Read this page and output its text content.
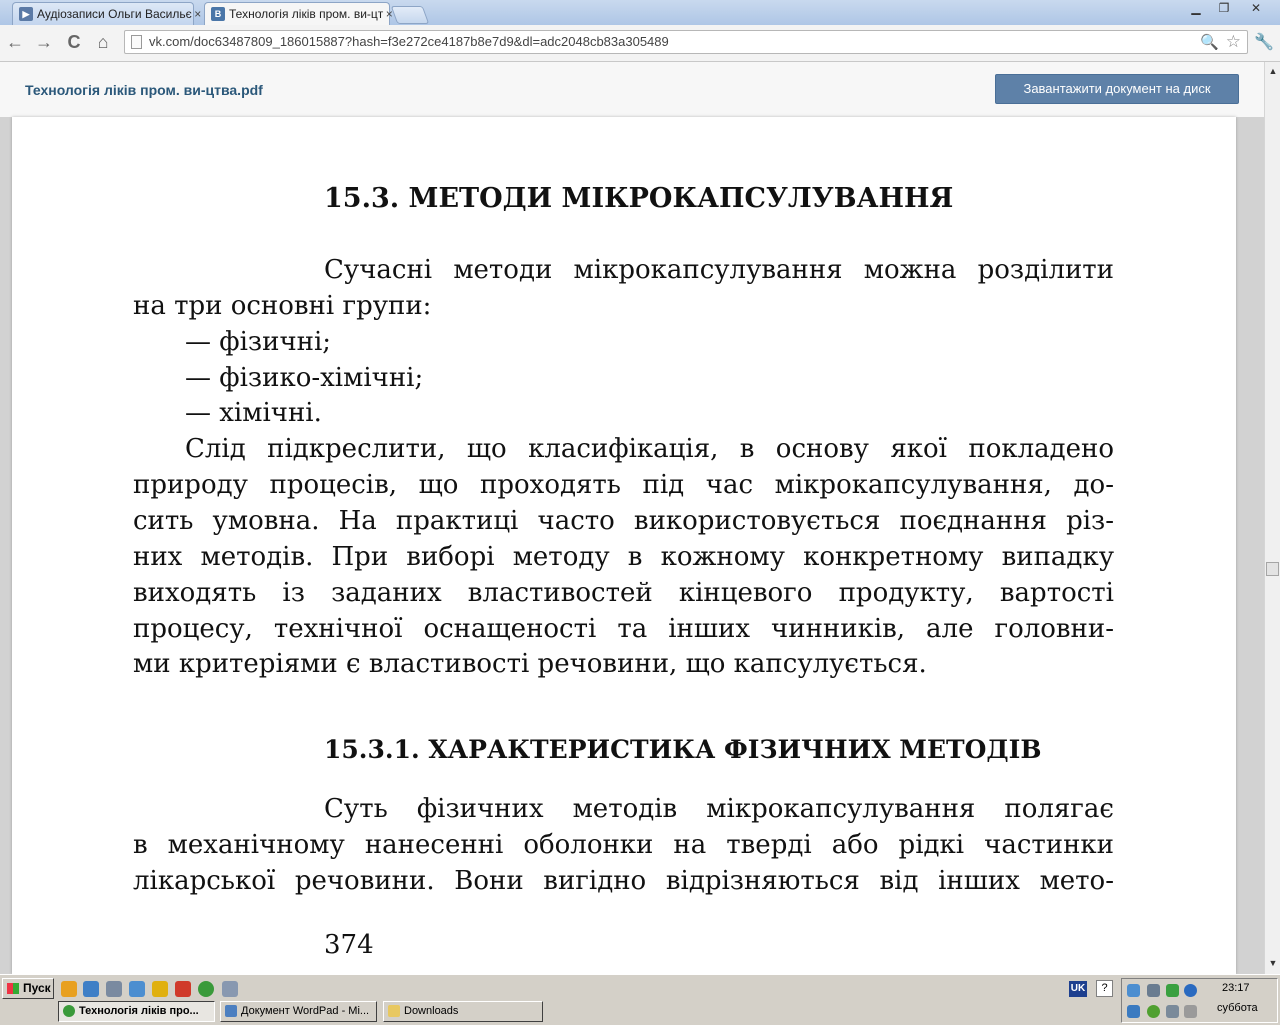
▶ Аудіозаписи Ольги Васильє ×	B Технологія ліків пром. ви-цт ×	▁	❐	✕
← → C ⌂	vk.com/doc63487809_186015887?hash=f3e272ce4187b8e7d9&dl=adc2048cb83a305489	🔍 ☆ 🔧
Технологія ліків пром. ви-цтва.pdf	Завантажити документ на диск
15.3. МЕТОДИ МІКРОКАПСУЛУВАННЯ
Сучасні методи мікрокапсулування можна розділити
на три основні групи:
— фізичні;
— фізико-хімічні;
— хімічні.
Слід підкреслити, що класифікація, в основу якої покладено
природу процесів, що проходять під час мікрокапсулування, до-
сить умовна. На практиці часто використовується поєднання різ-
них методів. При виборі методу в кожному конкретному випадку
виходять із заданих властивостей кінцевого продукту, вартості
процесу, технічної оснащеності та інших чинників, але головни-
ми критеріями є властивості речовини, що капсулується.
15.3.1. ХАРАКТЕРИСТИКА ФІЗИЧНИХ МЕТОДІВ
Суть фізичних методів мікрокапсулування полягає
в механічному нанесенні оболонки на тверді або рідкі частинки
лікарської речовини. Вони вигідно відрізняються від інших мето-
374
▲
▼
Пуск
Технологія ліків про...	Документ WordPad - Mi...	Downloads
UK	?	23:17
суббота
